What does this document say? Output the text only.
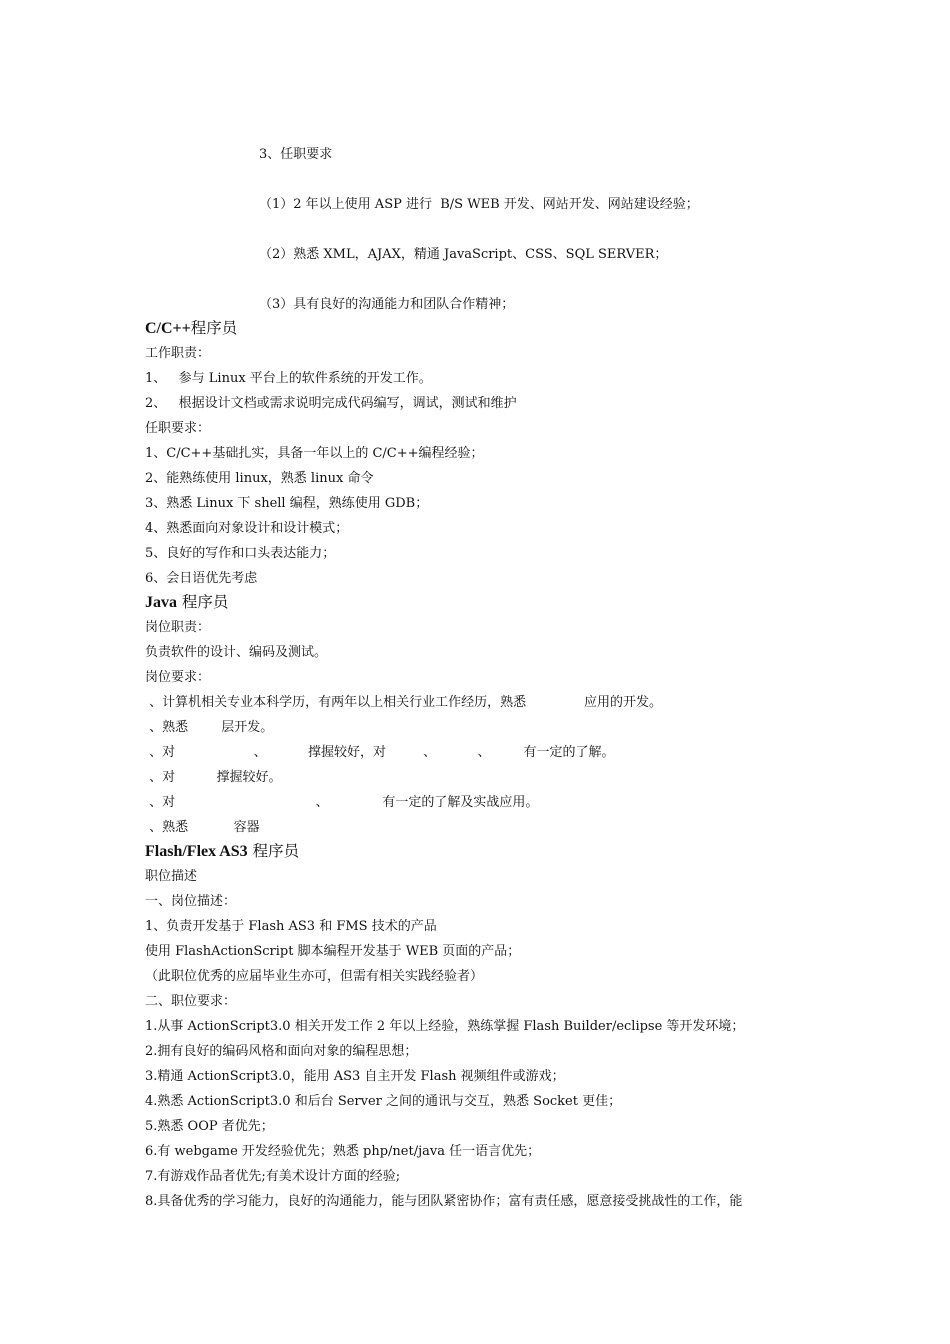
3、任职要求
（1）2 年以上使用 ASP 进行  B/S WEB 开发、网站开发、网站建设经验；
（2）熟悉 XML，AJAX，精通 JavaScript、CSS、SQL SERVER；
（3）具有良好的沟通能力和团队合作精神；
C/C++程序员
工作职责：
1、   参与 Linux 平台上的软件系统的开发工作。
2、   根据设计文档或需求说明完成代码编写，调试，测试和维护
任职要求：
1、C/C++基础扎实，具备一年以上的 C/C++编程经验；
2、能熟练使用 linux，熟悉 linux 命令
3、熟悉 Linux 下 shell 编程，熟练使用 GDB；
4、熟悉面向对象设计和设计模式；
5、良好的写作和口头表达能力；
6、会日语优先考虑
Java 程序员
岗位职责：
负责软件的设计、编码及测试。
岗位要求：
、计算机相关专业本科学历，有两年以上相关行业工作经历，熟悉              应用的开发。
、熟悉        层开发。
、对                   、          撑握较好，对         、          、        有一定的了解。
、对          撑握较好。
、对                                  、             有一定的了解及实战应用。
、熟悉           容器
Flash/Flex AS3 程序员
职位描述
一、岗位描述：
1、负责开发基于 Flash AS3 和 FMS 技术的产品
使用 FlashActionScript 脚本编程开发基于 WEB 页面的产品；
（此职位优秀的应届毕业生亦可，但需有相关实践经验者）
二、职位要求：
1.从事 ActionScript3.0 相关开发工作 2 年以上经验，熟练掌握 Flash Builder/eclipse 等开发环境；
2.拥有良好的编码风格和面向对象的编程思想；
3.精通 ActionScript3.0，能用 AS3 自主开发 Flash 视频组件或游戏；
4.熟悉 ActionScript3.0 和后台 Server 之间的通讯与交互，熟悉 Socket 更佳；
5.熟悉 OOP 者优先；
6.有 webgame 开发经验优先；熟悉 php/net/java 任一语言优先；
7.有游戏作品者优先;有美术设计方面的经验;
8.具备优秀的学习能力，良好的沟通能力，能与团队紧密协作；富有责任感，愿意接受挑战性的工作，能
